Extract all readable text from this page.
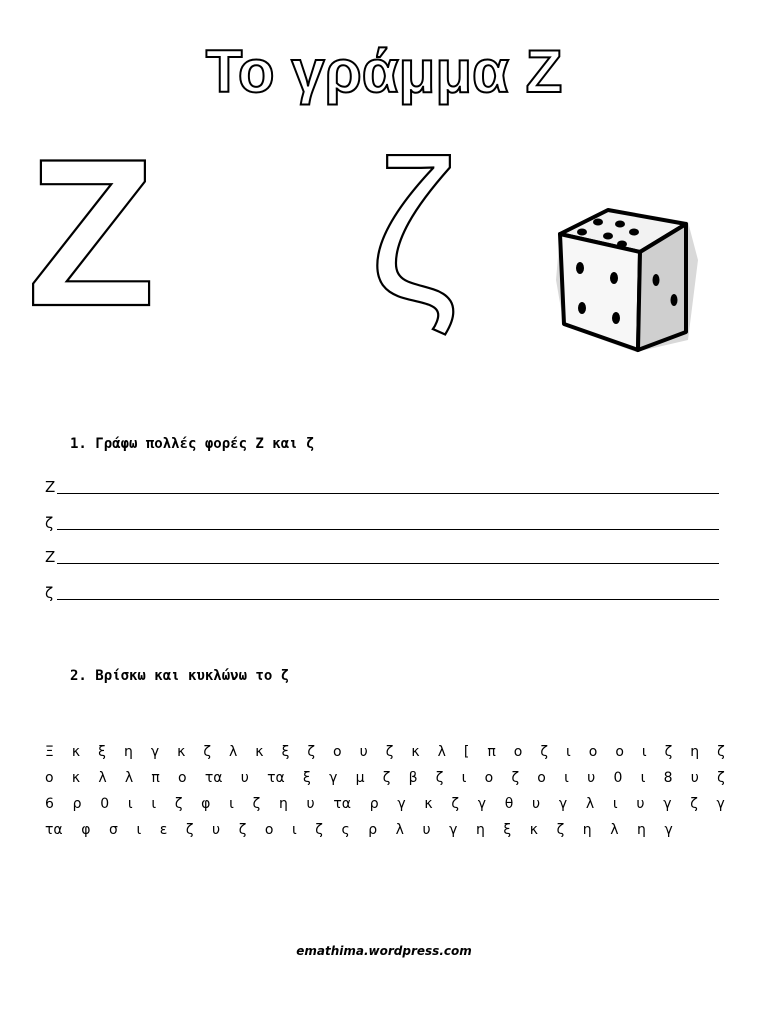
Το γράμμα Ζ
Ζ ζ
1. Γράφω πολλές φορές Ζ και ζ
Ζ
ζ
Ζ
ζ
2. Βρίσκω και κυκλώνω το ζ
Ξ κ ξ η γ κ ζ λ κ ξ ζ ο υ ζ κ λ [ π ο ζ ι ο ο ι ζ η ζ
ο κ λ λ π ο τα υ τα ξ γ μ ζ β ζ ι ο ζ ο ι υ 0 ι 8 υ ζ
6 ρ 0 ι ι ζ φ ι ζ η υ τα ρ γ κ ζ γ θ υ γ λ ι υ γ ζ γ
τα φ σ ι ε ζ υ ζ ο ι ζ ς ρ λ υ γ η ξ κ ζ η λ η γ
emathima.wordpress.com
